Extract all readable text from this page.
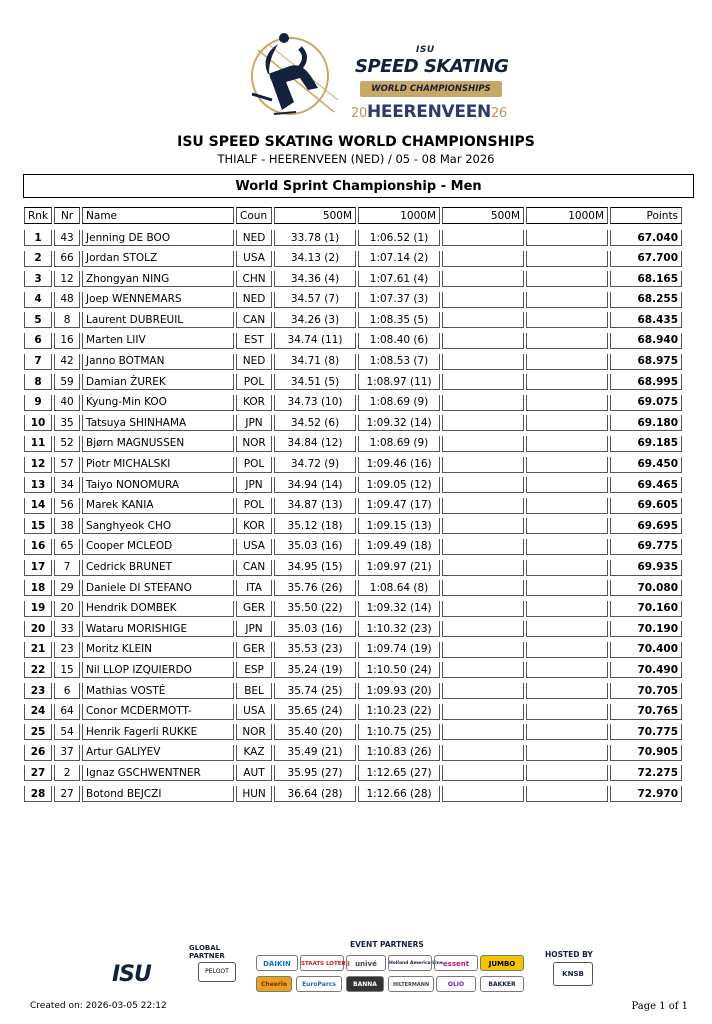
ISU
SPEED SKATING
WORLD CHAMPIONSHIPS
20HEERENVEEN26
ISU SPEED SKATING WORLD CHAMPIONSHIPS
THIALF - HEERENVEEN (NED) / 05 - 08 Mar 2026
World Sprint Championship - Men
Rnk	Nr	Name	Coun	500M	1000M	500M	1000M	Points

1	43	Jenning DE BOO	NED	33.78 (1)	1:06.52 (1)			67.040

2	66	Jordan STOLZ	USA	34.13 (2)	1:07.14 (2)			67.700

3	12	Zhongyan NING	CHN	34.36 (4)	1:07.61 (4)			68.165

4	48	Joep WENNEMARS	NED	34.57 (7)	1:07.37 (3)			68.255

5	8	Laurent DUBREUIL	CAN	34.26 (3)	1:08.35 (5)			68.435

6	16	Marten LIIV	EST	34.74 (11)	1:08.40 (6)			68.940

7	42	Janno BOTMAN	NED	34.71 (8)	1:08.53 (7)			68.975

8	59	Damian ŻUREK	POL	34.51 (5)	1:08.97 (11)			68.995

9	40	Kyung-Min KOO	KOR	34.73 (10)	1:08.69 (9)			69.075

10	35	Tatsuya SHINHAMA	JPN	34.52 (6)	1:09.32 (14)			69.180

11	52	Bjørn MAGNUSSEN	NOR	34.84 (12)	1:08.69 (9)			69.185

12	57	Piotr MICHALSKI	POL	34.72 (9)	1:09.46 (16)			69.450

13	34	Taiyo NONOMURA	JPN	34.94 (14)	1:09.05 (12)			69.465

14	56	Marek KANIA	POL	34.87 (13)	1:09.47 (17)			69.605

15	38	Sanghyeok CHO	KOR	35.12 (18)	1:09.15 (13)			69.695

16	65	Cooper MCLEOD	USA	35.03 (16)	1:09.49 (18)			69.775

17	7	Cedrick BRUNET	CAN	34.95 (15)	1:09.97 (21)			69.935

18	29	Daniele DI STEFANO	ITA	35.76 (26)	1:08.64 (8)			70.080

19	20	Hendrik DOMBEK	GER	35.50 (22)	1:09.32 (14)			70.160

20	33	Wataru MORISHIGE	JPN	35.03 (16)	1:10.32 (23)			70.190

21	23	Moritz KLEIN	GER	35.53 (23)	1:09.74 (19)			70.400

22	15	Nil LLOP IZQUIERDO	ESP	35.24 (19)	1:10.50 (24)			70.490

23	6	Mathias VOSTÉ	BEL	35.74 (25)	1:09.93 (20)			70.705

24	64	Conor MCDERMOTT-	USA	35.65 (24)	1:10.23 (22)			70.765

25	54	Henrik Fagerli RUKKE	NOR	35.40 (20)	1:10.75 (25)			70.775

26	37	Artur GALIYEV	KAZ	35.49 (21)	1:10.83 (26)			70.905

27	2	Ignaz GSCHWENTNER	AUT	35.95 (27)	1:12.65 (27)			72.275

28	27	Botond BEJCZI	HUN	36.64 (28)	1:12.66 (28)			72.970
ISU
GLOBAL PARTNER
PELOOT
EVENT PARTNERS
DAIKIN	STAATS LOTERIJ univé	Holland America Line essent	JUMBO
Cheerio	EuroParcs	BANNA	HILTERMANN	OLIO	BAKKER
HOSTED BY
KNSB
Created on: 2026-03-05 22:12	Page 1 of 1
